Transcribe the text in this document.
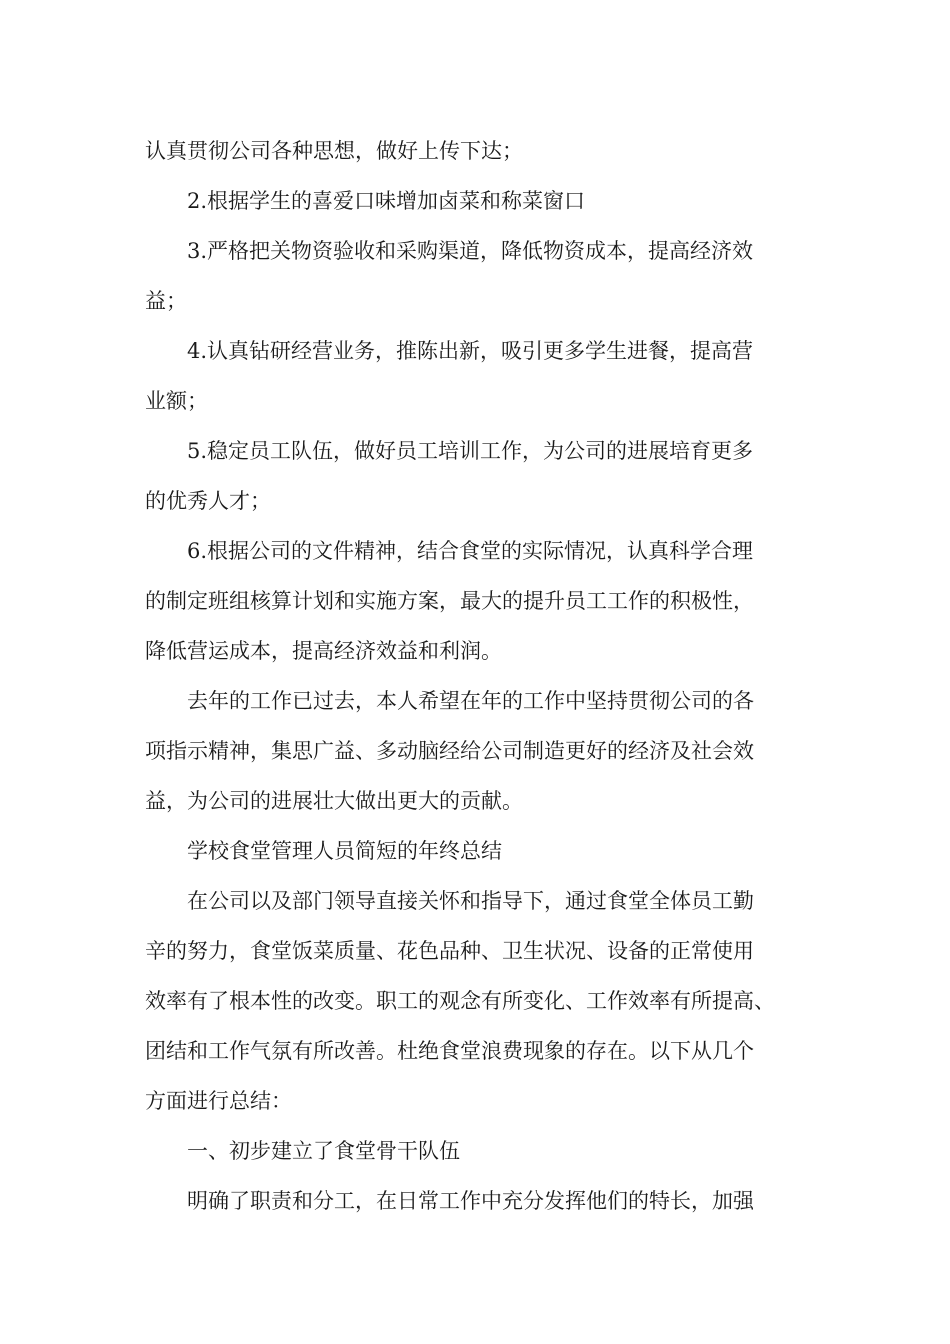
认真贯彻公司各种思想，做好上传下达；
2.根据学生的喜爱口味增加卤菜和称菜窗口
3.严格把关物资验收和采购渠道，降低物资成本，提高经济效
益；
4.认真钻研经营业务，推陈出新，吸引更多学生进餐，提高营
业额；
5.稳定员工队伍，做好员工培训工作，为公司的进展培育更多
的优秀人才；
6.根据公司的文件精神，结合食堂的实际情况，认真科学合理
的制定班组核算计划和实施方案，最大的提升员工工作的积极性，
降低营运成本，提高经济效益和利润。
去年的工作已过去，本人希望在年的工作中坚持贯彻公司的各
项指示精神，集思广益、多动脑经给公司制造更好的经济及社会效
益，为公司的进展壮大做出更大的贡献。
学校食堂管理人员简短的年终总结
在公司以及部门领导直接关怀和指导下，通过食堂全体员工勤
辛的努力，食堂饭菜质量、花色品种、卫生状况、设备的正常使用
效率有了根本性的改变。职工的观念有所变化、工作效率有所提高、
团结和工作气氛有所改善。杜绝食堂浪费现象的存在。以下从几个
方面进行总结：
一、初步建立了食堂骨干队伍
明确了职责和分工，在日常工作中充分发挥他们的特长，加强
